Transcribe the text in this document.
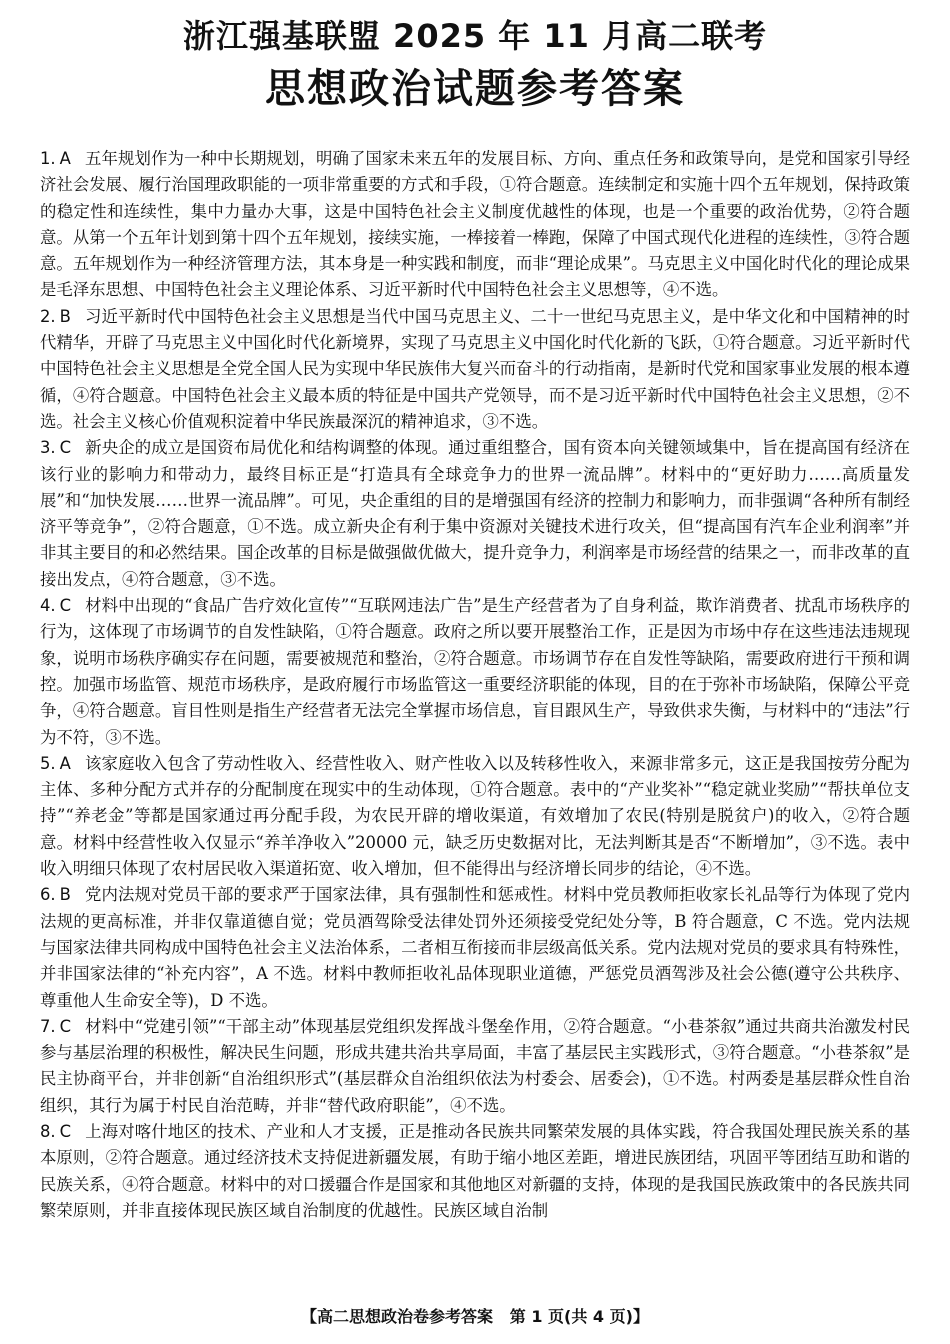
浙江强基联盟 2025 年 11 月高二联考
思想政治试题参考答案

1. A 五年规划作为一种中长期规划，明确了国家未来五年的发展目标、方向、重点任务和政策导向，是党和国家引导经济社会发展、履行治国理政职能的一项非常重要的方式和手段，①符合题意。连续制定和实施十四个五年规划，保持政策的稳定性和连续性，集中力量办大事，这是中国特色社会主义制度优越性的体现，也是一个重要的政治优势，②符合题意。从第一个五年计划到第十四个五年规划，接续实施，一棒接着一棒跑，保障了中国式现代化进程的连续性，③符合题意。五年规划作为一种经济管理方法，其本身是一种实践和制度，而非“理论成果”。马克思主义中国化时代化的理论成果是毛泽东思想、中国特色社会主义理论体系、习近平新时代中国特色社会主义思想等，④不选。

2. B 习近平新时代中国特色社会主义思想是当代中国马克思主义、二十一世纪马克思主义，是中华文化和中国精神的时代精华，开辟了马克思主义中国化时代化新境界，实现了马克思主义中国化时代化新的飞跃，①符合题意。习近平新时代中国特色社会主义思想是全党全国人民为实现中华民族伟大复兴而奋斗的行动指南，是新时代党和国家事业发展的根本遵循，④符合题意。中国特色社会主义最本质的特征是中国共产党领导，而不是习近平新时代中国特色社会主义思想，②不选。社会主义核心价值观积淀着中华民族最深沉的精神追求，③不选。

3. C 新央企的成立是国资布局优化和结构调整的体现。通过重组整合，国有资本向关键领域集中，旨在提高国有经济在该行业的影响力和带动力，最终目标正是“打造具有全球竞争力的世界一流品牌”。材料中的“更好助力……高质量发展”和“加快发展……世界一流品牌”。可见，央企重组的目的是增强国有经济的控制力和影响力，而非强调“各种所有制经济平等竞争”，②符合题意，①不选。成立新央企有利于集中资源对关键技术进行攻关，但“提高国有汽车企业利润率”并非其主要目的和必然结果。国企改革的目标是做强做优做大，提升竞争力，利润率是市场经营的结果之一，而非改革的直接出发点，④符合题意，③不选。

4. C 材料中出现的“食品广告疗效化宣传”“互联网违法广告”是生产经营者为了自身利益，欺诈消费者、扰乱市场秩序的行为，这体现了市场调节的自发性缺陷，①符合题意。政府之所以要开展整治工作，正是因为市场中存在这些违法违规现象，说明市场秩序确实存在问题，需要被规范和整治，②符合题意。市场调节存在自发性等缺陷，需要政府进行干预和调控。加强市场监管、规范市场秩序，是政府履行市场监管这一重要经济职能的体现，目的在于弥补市场缺陷，保障公平竞争，④符合题意。盲目性则是指生产经营者无法完全掌握市场信息，盲目跟风生产，导致供求失衡，与材料中的“违法”行为不符，③不选。

5. A 该家庭收入包含了劳动性收入、经营性收入、财产性收入以及转移性收入，来源非常多元，这正是我国按劳分配为主体、多种分配方式并存的分配制度在现实中的生动体现，①符合题意。表中的“产业奖补”“稳定就业奖励”“帮扶单位支持”“养老金”等都是国家通过再分配手段，为农民开辟的增收渠道，有效增加了农民(特别是脱贫户)的收入，②符合题意。材料中经营性收入仅显示“养羊净收入”20000 元，缺乏历史数据对比，无法判断其是否“不断增加”，③不选。表中收入明细只体现了农村居民收入渠道拓宽、收入增加，但不能得出与经济增长同步的结论，④不选。

6. B 党内法规对党员干部的要求严于国家法律，具有强制性和惩戒性。材料中党员教师拒收家长礼品等行为体现了党内法规的更高标准，并非仅靠道德自觉；党员酒驾除受法律处罚外还须接受党纪处分等，B 符合题意，C 不选。党内法规与国家法律共同构成中国特色社会主义法治体系，二者相互衔接而非层级高低关系。党内法规对党员的要求具有特殊性，并非国家法律的“补充内容”，A 不选。材料中教师拒收礼品体现职业道德，严惩党员酒驾涉及社会公德(遵守公共秩序、尊重他人生命安全等)，D 不选。

7. C 材料中“党建引领”“干部主动”体现基层党组织发挥战斗堡垒作用，②符合题意。“小巷茶叙”通过共商共治激发村民参与基层治理的积极性，解决民生问题，形成共建共治共享局面，丰富了基层民主实践形式，③符合题意。“小巷茶叙”是民主协商平台，并非创新“自治组织形式”(基层群众自治组织依法为村委会、居委会)，①不选。村两委是基层群众性自治组织，其行为属于村民自治范畴，并非“替代政府职能”，④不选。

8. C 上海对喀什地区的技术、产业和人才支援，正是推动各民族共同繁荣发展的具体实践，符合我国处理民族关系的基本原则，②符合题意。通过经济技术支持促进新疆发展，有助于缩小地区差距，增进民族团结，巩固平等团结互助和谐的民族关系，④符合题意。材料中的对口援疆合作是国家和其他地区对新疆的支持，体现的是我国民族政策中的各民族共同繁荣原则，并非直接体现民族区域自治制度的优越性。民族区域自治制

【高二思想政治卷参考答案 第 1 页(共 4 页)】
